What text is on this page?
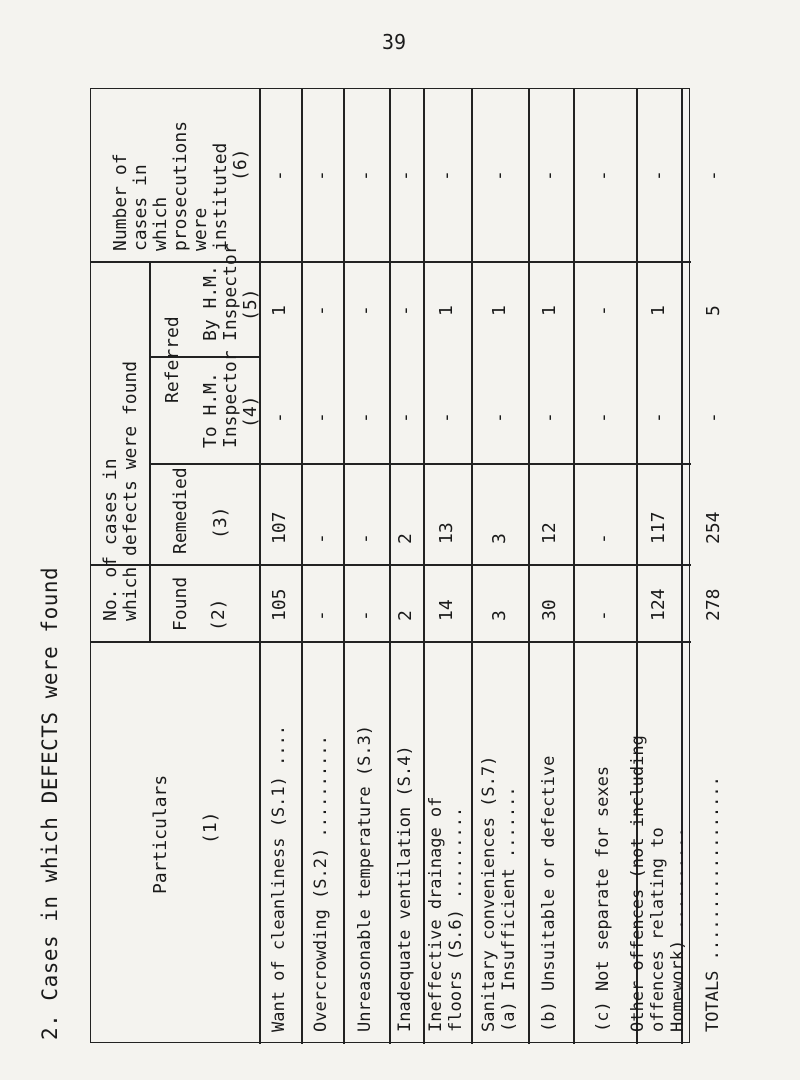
39
2. Cases in which DEFECTS were found
Number of
cases in
which
prosecutions
were
instituted (6)
No. of cases in
which defects were found Referred By H.M.
Inspector (5)
To H.M.
Inspector (4)
Remedied (3)
Found (2)
Particulars (1)	Want of cleanliness (S.1) ....
105
107
-
1
-
Overcrowding (S.2) ..........
-
-
-
-
-
Unreasonable temperature (S.3)
-
-
-
-
-
Inadequate ventilation (S.4)
2
2
-
-
-
Ineffective drainage of
floors (S.6) .........
14
13
-
1
-
Sanitary conveniences (S.7)
(a) Insufficient .......
3
3
-
1
-
(b) Unsuitable or defective
30
12
-
1
-
(c) Not separate for sexes
-
-
-
-
-
Other offences (not including
offences relating to
Homework) ..........
124
117
-
1
-
TOTALS ..................
278
254
-
5
-
